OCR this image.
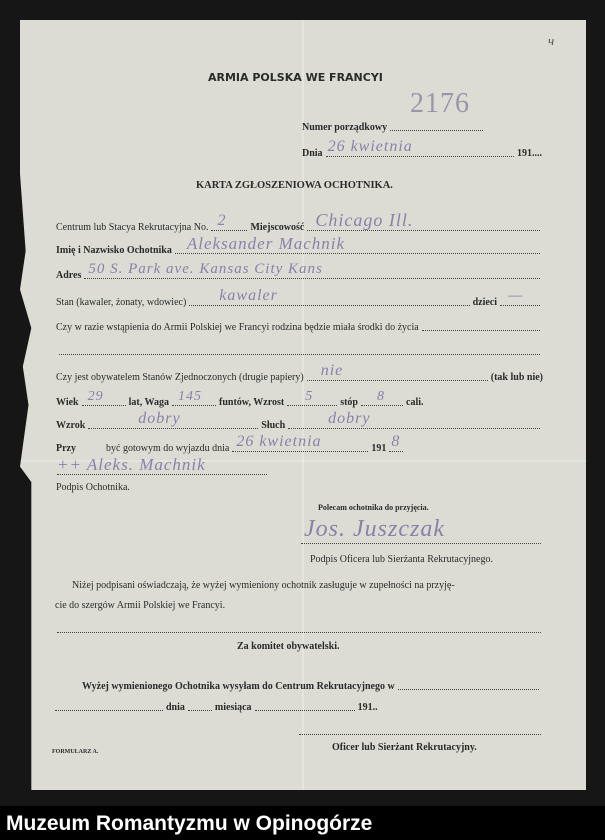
ч
ARMIA POLSKA WE FRANCYI
2176
Numer porządkowy
Dnia 26 kwietnia	191....
KARTA ZGŁOSZENIOWA OCHOTNIKA.
Centrum lub Stacya Rekrutacyjna No. 2 Miejscowość Chicago Ill.
Imię i Nazwisko Ochotnika Aleksander Machnik
Adres 50 S. Park ave. Kansas City Kans
Stan (kawaler, żonaty, wdowiec) kawaler	dzieci —
Czy w razie wstąpienia do Armii Polskiej we Francyi rodzina będzie miała środki do życia
Czy jest obywatelem Stanów Zjednoczonych (drugie papiery) nie	(tak lub nie)
Wiek 29	lat, Waga 145 funtów, Wzrost 5	stóp 8 cali.
Wzrok	dobry	Słuch	dobry
Przy	być gotowym do wyjazdu dnia 26 kwietnia	191 8
++ Aleks. Machnik
Podpis Ochotnika.
Polecam ochotnika do przyjęcia.
Jos. Juszczak
Podpis Oficera lub Sierżanta Rekrutacyjnego.
Niżej podpisani oświadczają, że wyżej wymieniony ochotnik zasługuje w zupełności na przyję-
cie do szergów Armii Polskiej we Francyi.
Za komitet obywatelski.
Wyżej wymienionego Ochotnika wysyłam do Centrum Rekrutacyjnego w
dnia	miesiąca	191..
Oficer lub Sierżant Rekrutacyjny.
FORMULARZ A.
Muzeum Romantyzmu w Opinogórze
